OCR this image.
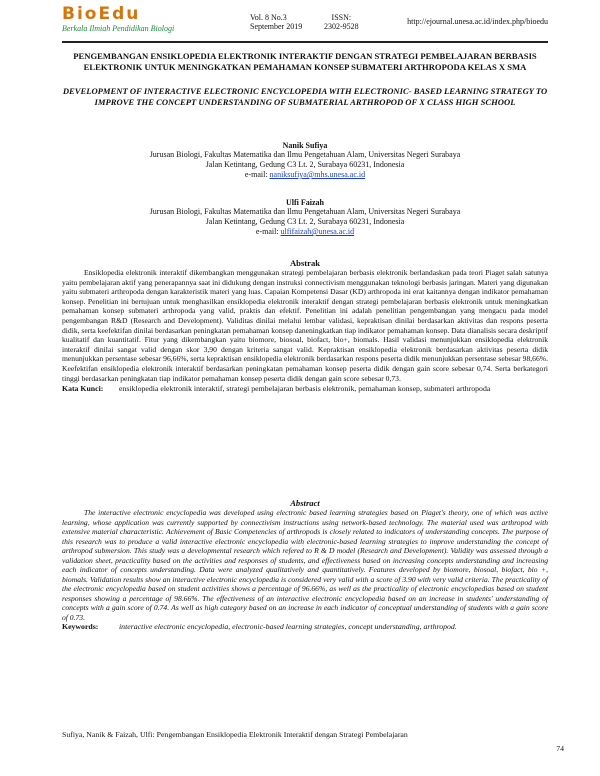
BioEdu
Berkala Ilmiah Pendidikan Biologi
Vol. 8 No.3
September 2019
ISSN:
2302-9528
http://ejournal.unesa.ac.id/index.php/bioedu
PENGEMBANGAN ENSIKLOPEDIA ELEKTRONIK INTERAKTIF DENGAN STRATEGI PEMBELAJARAN BERBASIS ELEKTRONIK UNTUK MENINGKATKAN PEMAHAMAN KONSEP SUBMATERI ARTHROPODA KELAS X SMA
DEVELOPMENT OF INTERACTIVE ELECTRONIC ENCYCLOPEDIA WITH ELECTRONIC- BASED LEARNING STRATEGY TO IMPROVE THE CONCEPT UNDERSTANDING OF SUBMATERIAL ARTHROPOD OF X CLASS HIGH SCHOOL
Nanik Sufiya
Jurusan Biologi, Fakultas Matematika dan Ilmu Pengetahuan Alam, Universitas Negeri Surabaya
Jalan Ketintang, Gedung C3 Lt. 2, Surabaya 60231, Indonesia
e-mail: naniksufiya@mhs.unesa.ac.id
Ulfi Faizah
Jurusan Biologi, Fakultas Matematika dan Ilmu Pengetahuan Alam, Universitas Negeri Surabaya
Jalan Ketintang, Gedung C3 Lt. 2, Surabaya 60231, Indonesia
e-mail: ulfifaizah@unesa.ac.id
Abstrak

Ensiklopedia elektronik interaktif dikembangkan menggunakan strategi pembelajaran berbasis elektronik berlandaskan pada teori Piaget salah satunya yaitu pembelajaran aktif yang penerapannya saat ini didukung dengan instruksi connectivism menggunakan teknologi berbasis jaringan. Materi yang digunakan yaitu submateri arthropoda dengan karakteristik materi yang luas. Capaian Kompetensi Dasar (KD) arthropoda ini erat kaitannya dengan indikator pemahaman konsep. Penelitian ini bertujuan untuk menghasilkan ensiklopedia elektronik interaktif dengan strategi pembelajaran berbasis elektronik untuk meningkatkan pemahaman konsep submateri arthropoda yang valid, praktis dan efektif. Penelitian ini adalah penelitian pengembangan yang mengacu pada model pengembangan R&D (Research and Development). Validitas dinilai melalui lembar validasi, kepraktisan dinilai berdasarkan aktivitas dan respons peserta didik, serta keefektifan dinilai berdasarkan peningkatan pemahaman konsep daneningkatkan tiap indikator pemahaman konsep. Data dianalisis secara deskriptif kualitatif dan kuantitatif. Fitur yang dikembangkan yaitu biomore, biosoal, biofact, bio+, biomals. Hasil validasi menunjukkan ensiklopedia elektronik interaktif dinilai sangat valid dengan skor 3,90 dengan kriteria sangat valid. Kepraktisan ensiklopedia elektronik berdasarkan aktivitas peserta didik menunjukkan persentase sebesar 96,66%, serta kepraktisan ensiklopedia elektronik berdasarkan respons peserta didik menunjukkan persentase sebesar 98,66%. Keefektifan ensiklopedia elektronik interaktif berdasarkan peningkatan pemahaman konsep peserta didik dengan gain score sebesar 0,74. Serta berkategori tinggi berdasarkan peningkatan tiap indikator pemahaman konsep peserta didik dengan gain score sebesar 0,73.

Kata Kunci:	ensiklopedia elektronik interaktif, strategi pembelajaran berbasis elektronik, pemahaman konsep, submateri arthropoda
Abstract

The interactive electronic encyclopedia was developed using electronic based learning strategies based on Piaget's theory, one of which was active learning, whose application was currently supported by connectivism instructions using network-based technology. The material used was arthropod with extensive material characteristic. Achievement of Basic Competencies of arthropods is closely related to indicators of understanding concepts. The purpose of this research was to produce a valid interactive electronic encyclopedia with electronic-based learning strategies to improve understanding the concept of arthropod submersion. This study was a developmental research which refered to R & D model (Research and Development). Validity was assessed through a validation sheet, practicality based on the activities and responses of students, and effectiveness based on increasing concepts understanding and increasing each indicator of concepts understanding. Data were analyzed qualitatively and quantitatively. Features developed by biomore, biosoal, biofact, bio +, biomals. Validation results show an interactive electronic encyclopedia is considered very valid with a score of 3.90 with very valid criteria. The practicality of the electronic encyclopedia based on student activities shows a percentage of 96.66%, as well as the practicality of electronic encyclopedias based on student responses showing a percentage of 98.66%. The effectiveness of an interactive electronic encyclopedia based on an increase in students' understanding of concepts with a gain score of 0.74. As well as high category based on an increase in each indicator of conceptual understanding of students with a gain score of 0.73.

Keywords:	interactive electronic encyclopedia, electronic-based learning strategies, concept understanding, arthropod.
Sufiya, Nanik & Faizah, Ulfi: Pengembangan Ensiklopedia Elektronik Interaktif dengan Strategi Pembelajaran
74
